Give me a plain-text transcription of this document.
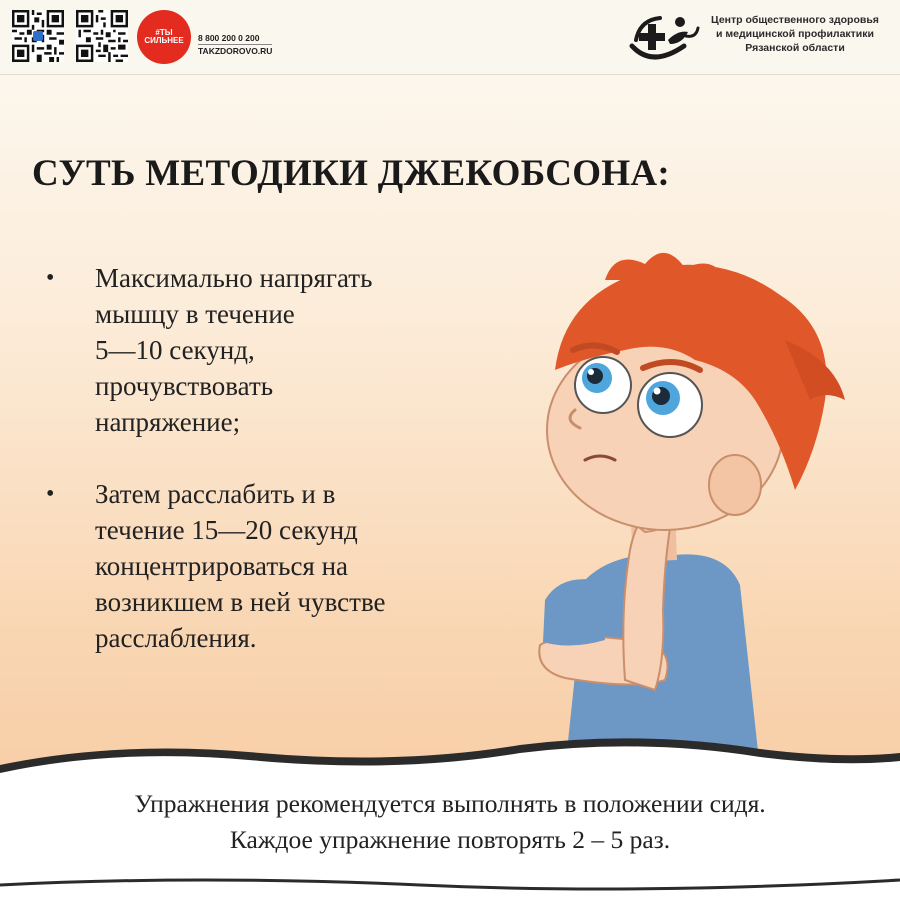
#ТЫ СИЛЬНЕЕ	8 800 200 0 200
TAKZDOROVO.RU
Центр общественного здоровья
и медицинской профилактики
Рязанской области
СУТЬ МЕТОДИКИ ДЖЕКОБСОНА:
• Максимально напрягать
мышцу в течение
5—10 секунд,
прочувствовать
напряжение;
• Затем расслабить и в
течение 15—20 секунд
концентрироваться на
возникшем в ней чувстве
расслабления.
Упражнения рекомендуется выполнять в положении сидя.
Каждое упражнение повторять 2 – 5 раз.
